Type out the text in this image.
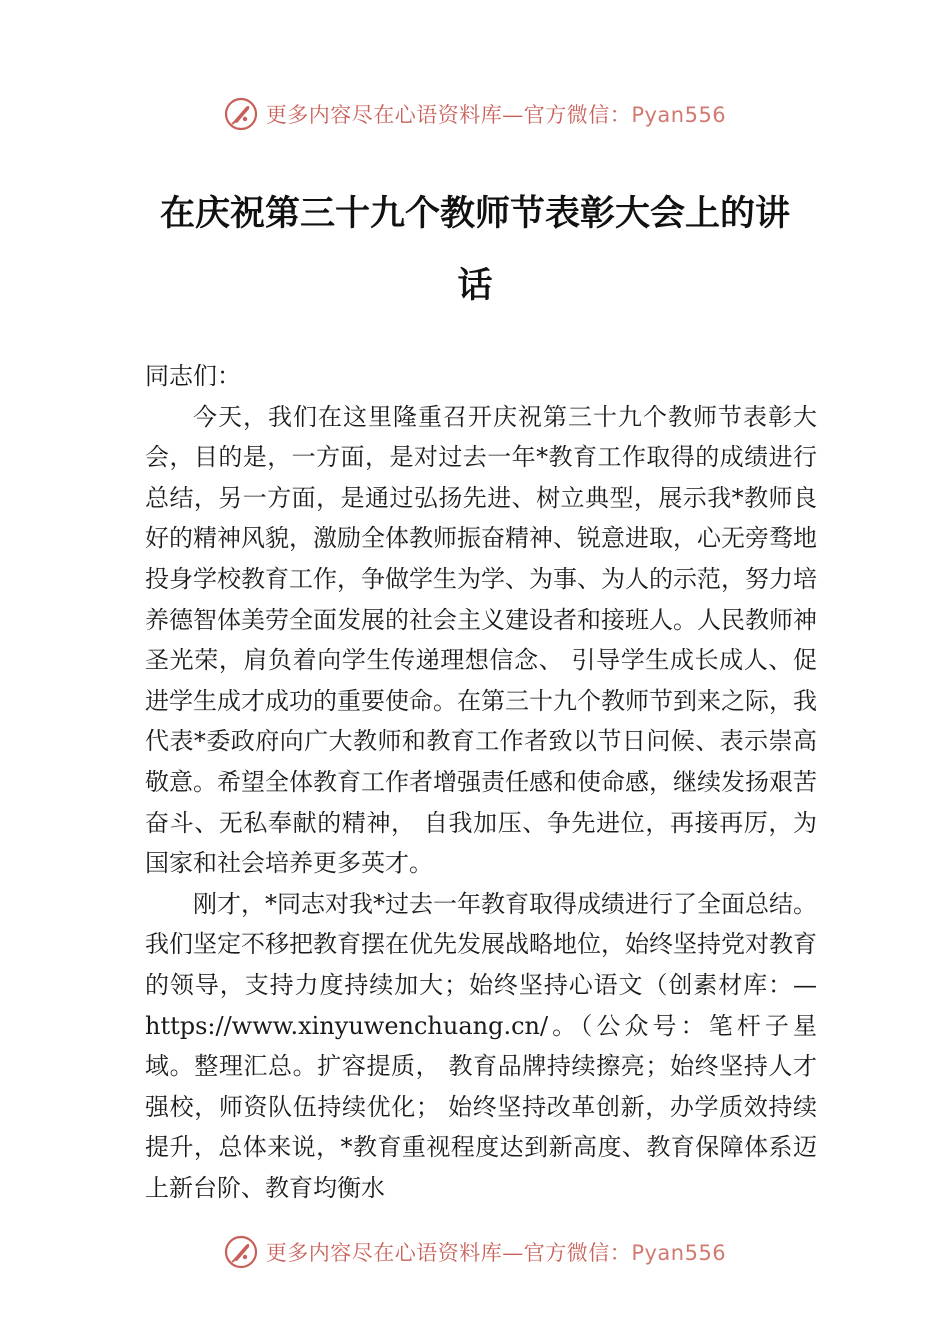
更多内容尽在心语资料库—官方微信：Pyan556
在庆祝第三十九个教师节表彰大会上的讲话

同志们：

今天，我们在这里隆重召开庆祝第三十九个教师节表彰大会，目的是，一方面，是对过去一年*教育工作取得的成绩进行总结，另一方面，是通过弘扬先进、树立典型，展示我*教师良好的精神风貌，激励全体教师振奋精神、锐意进取，心无旁骛地投身学校教育工作，争做学生为学、为事、为人的示范，努力培养德智体美劳全面发展的社会主义建设者和接班人。人民教师神圣光荣，肩负着向学生传递理想信念、 引导学生成长成人、促进学生成才成功的重要使命。在第三十九个教师节到来之际，我代表*委政府向广大教师和教育工作者致以节日问候、表示崇高敬意。希望全体教育工作者增强责任感和使命感，继续发扬艰苦奋斗、无私奉献的精神， 自我加压、争先进位，再接再厉，为国家和社会培养更多英才。

刚才，*同志对我*过去一年教育取得成绩进行了全面总结。我们坚定不移把教育摆在优先发展战略地位，始终坚持党对教育的领导，支持力度持续加大；始终坚持心语文（创素材库：—https://www.xinyuwenchuang.cn/。（公众号：笔杆子星域。整理汇总。扩容提质， 教育品牌持续擦亮；始终坚持人才强校，师资队伍持续优化； 始终坚持改革创新，办学质效持续提升，总体来说，*教育重视程度达到新高度、教育保障体系迈上新台阶、教育均衡水

更多内容尽在心语资料库—官方微信：Pyan556
